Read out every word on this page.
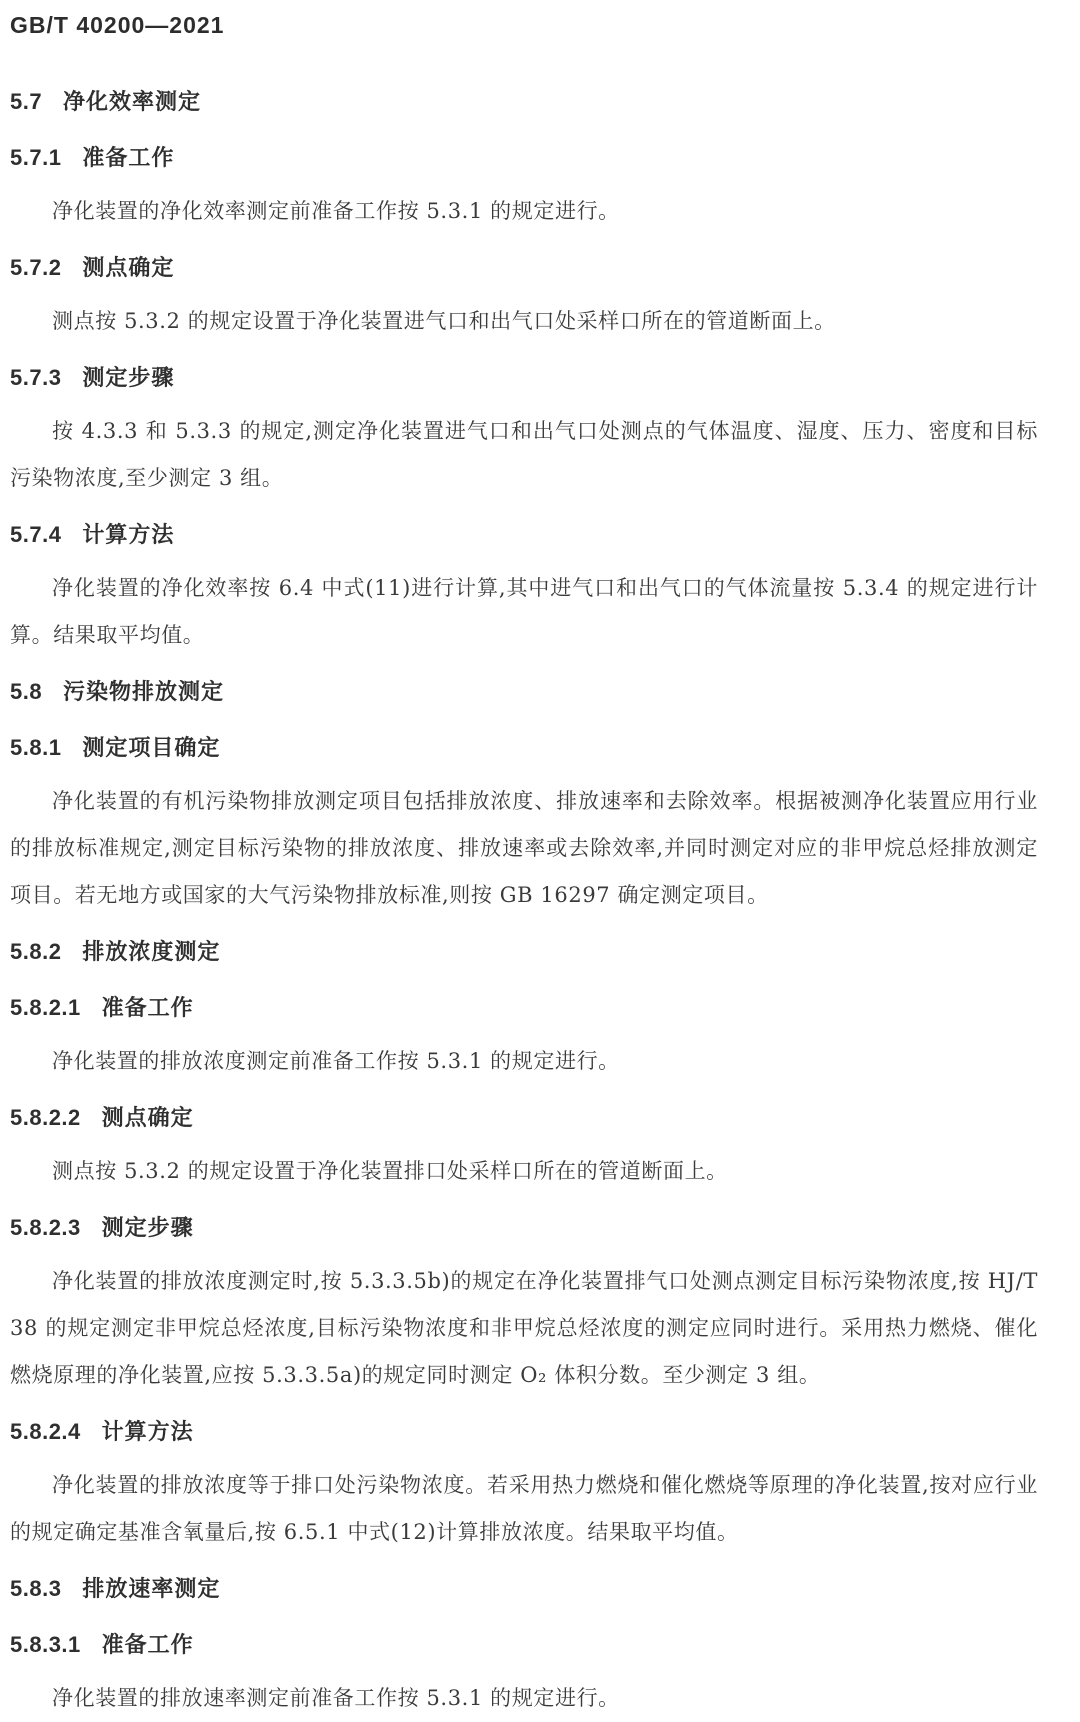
GB/T 40200—2021
5.7 净化效率测定
5.7.1 准备工作

净化装置的净化效率测定前准备工作按 5.3.1 的规定进行。

5.7.2 测点确定

测点按 5.3.2 的规定设置于净化装置进气口和出气口处采样口所在的管道断面上。

5.7.3 测定步骤

按 4.3.3 和 5.3.3 的规定,测定净化装置进气口和出气口处测点的气体温度、湿度、压力、密度和目标污染物浓度,至少测定 3 组。

5.7.4 计算方法

净化装置的净化效率按 6.4 中式(11)进行计算,其中进气口和出气口的气体流量按 5.3.4 的规定进行计算。结果取平均值。

5.8 污染物排放测定
5.8.1 测定项目确定

净化装置的有机污染物排放测定项目包括排放浓度、排放速率和去除效率。根据被测净化装置应用行业的排放标准规定,测定目标污染物的排放浓度、排放速率或去除效率,并同时测定对应的非甲烷总烃排放测定项目。若无地方或国家的大气污染物排放标准,则按 GB 16297 确定测定项目。

5.8.2 排放浓度测定
5.8.2.1 准备工作

净化装置的排放浓度测定前准备工作按 5.3.1 的规定进行。

5.8.2.2 测点确定

测点按 5.3.2 的规定设置于净化装置排口处采样口所在的管道断面上。

5.8.2.3 测定步骤

净化装置的排放浓度测定时,按 5.3.3.5b)的规定在净化装置排气口处测点测定目标污染物浓度,按 HJ/T 38 的规定测定非甲烷总烃浓度,目标污染物浓度和非甲烷总烃浓度的测定应同时进行。采用热力燃烧、催化燃烧原理的净化装置,应按 5.3.3.5a)的规定同时测定 O₂ 体积分数。至少测定 3 组。

5.8.2.4 计算方法

净化装置的排放浓度等于排口处污染物浓度。若采用热力燃烧和催化燃烧等原理的净化装置,按对应行业的规定确定基准含氧量后,按 6.5.1 中式(12)计算排放浓度。结果取平均值。

5.8.3 排放速率测定
5.8.3.1 准备工作

净化装置的排放速率测定前准备工作按 5.3.1 的规定进行。
